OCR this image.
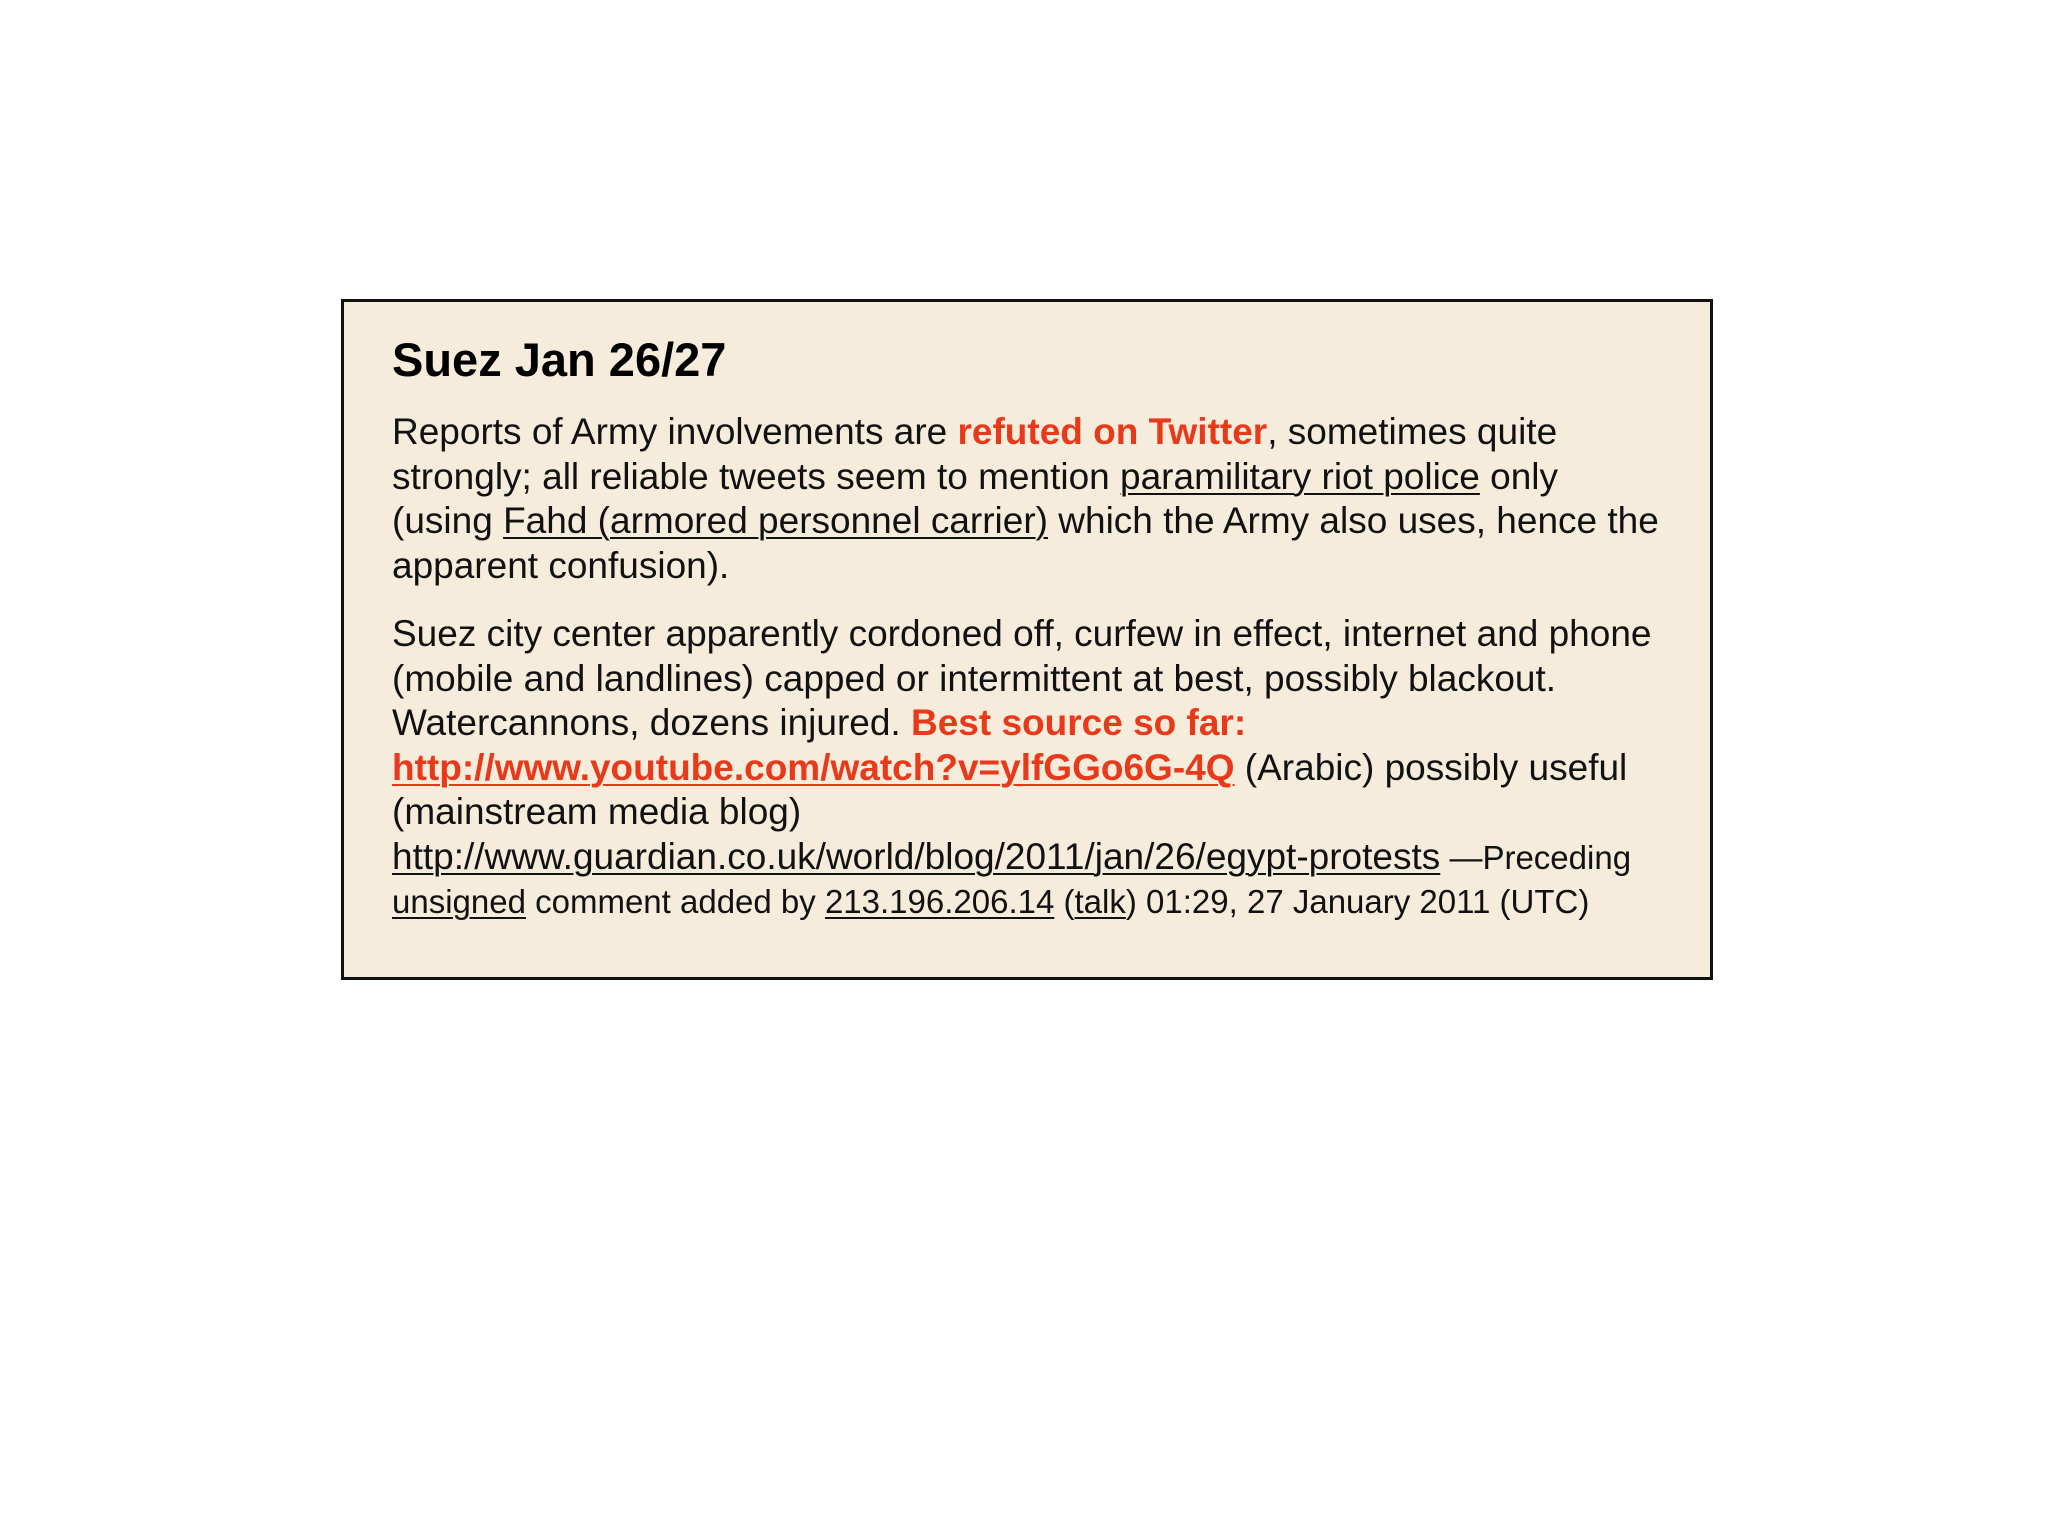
Suez Jan 26/27

Reports of Army involvements are refuted on Twitter, sometimes quite strongly; all reliable tweets seem to mention paramilitary riot police only (using Fahd (armored personnel carrier) which the Army also uses, hence the apparent confusion).

Suez city center apparently cordoned off, curfew in effect, internet and phone (mobile and landlines) capped or intermittent at best, possibly blackout. Watercannons, dozens injured. Best source so far: http://www.youtube.com/watch?v=ylfGGo6G-4Q (Arabic) possibly useful (mainstream media blog) http://www.guardian.co.uk/world/blog/2011/jan/26/egypt-protests —Preceding unsigned comment added by 213.196.206.14 (talk) 01:29, 27 January 2011 (UTC)
